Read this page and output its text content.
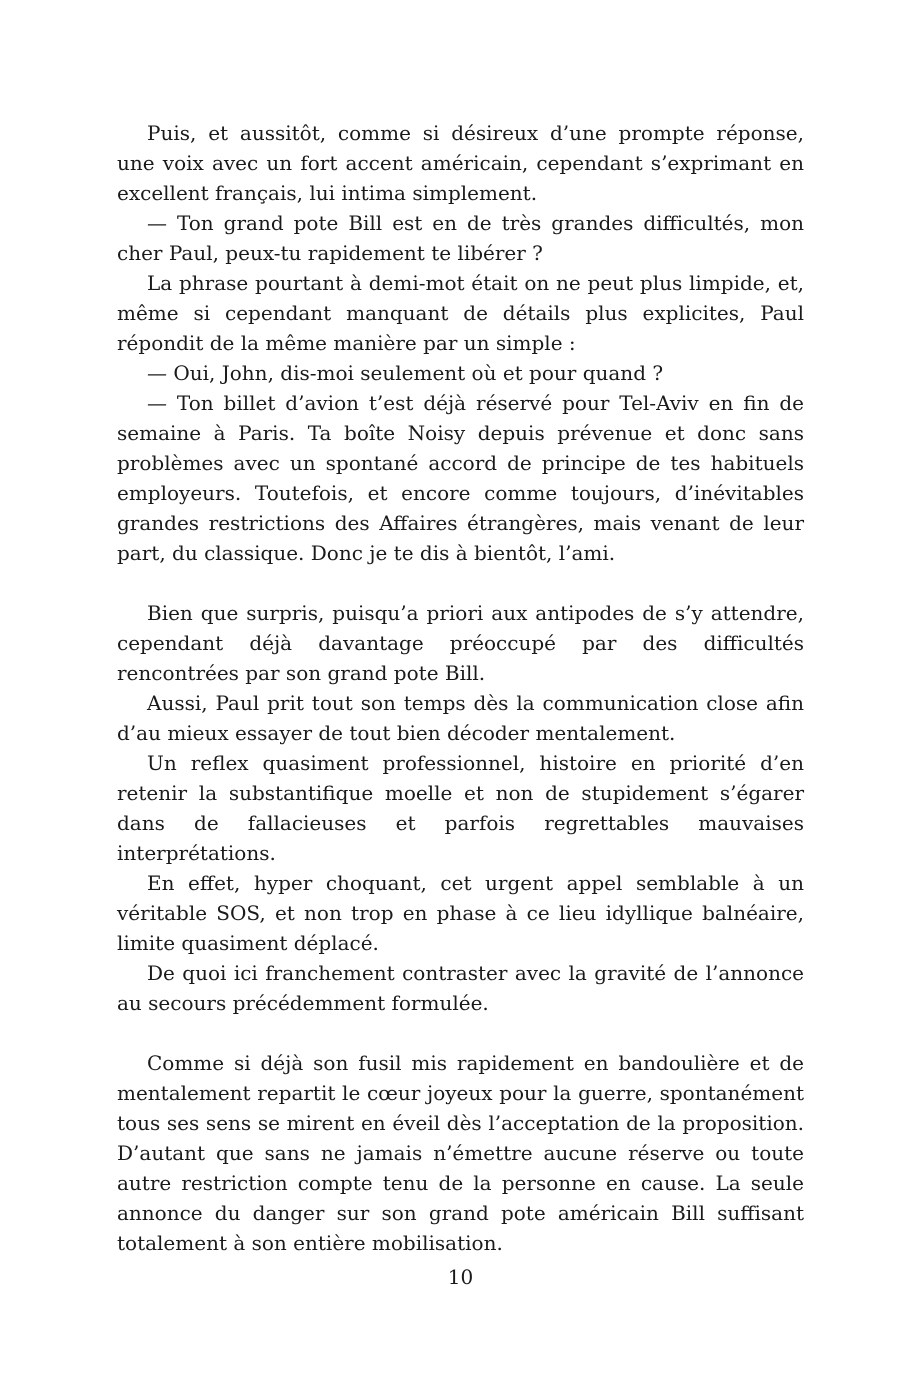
Puis, et aussitôt, comme si désireux d’une prompte réponse, une voix avec un fort accent américain, cependant s’exprimant en excellent français, lui intima simplement.

— Ton grand pote Bill est en de très grandes difficultés, mon cher Paul, peux-tu rapidement te libérer ?

La phrase pourtant à demi-mot était on ne peut plus limpide, et, même si cependant manquant de détails plus explicites, Paul répondit de la même manière par un simple :

— Oui, John, dis-moi seulement où et pour quand ?

— Ton billet d’avion t’est déjà réservé pour Tel-Aviv en fin de semaine à Paris. Ta boîte Noisy depuis prévenue et donc sans problèmes avec un spontané accord de principe de tes habituels employeurs. Toutefois, et encore comme toujours, d’inévitables grandes restrictions des Affaires étrangères, mais venant de leur part, du classique. Donc je te dis à bientôt, l’ami.

Bien que surpris, puisqu’a priori aux antipodes de s’y attendre, cependant déjà davantage préoccupé par des difficultés rencontrées par son grand pote Bill.

Aussi, Paul prit tout son temps dès la communication close afin d’au mieux essayer de tout bien décoder mentalement.

Un reflex quasiment professionnel, histoire en priorité d’en retenir la substantifique moelle et non de stupidement s’égarer dans de fallacieuses et parfois regrettables mauvaises interprétations.

En effet, hyper choquant, cet urgent appel semblable à un véritable SOS, et non trop en phase à ce lieu idyllique balnéaire, limite quasiment déplacé.

De quoi ici franchement contraster avec la gravité de l’annonce au secours précédemment formulée.

Comme si déjà son fusil mis rapidement en bandoulière et de mentalement repartit le cœur joyeux pour la guerre, spontanément tous ses sens se mirent en éveil dès l’acceptation de la proposition. D’autant que sans ne jamais n’émettre aucune réserve ou toute autre restriction compte tenu de la personne en cause. La seule annonce du danger sur son grand pote américain Bill suffisant totalement à son entière mobilisation.

10
